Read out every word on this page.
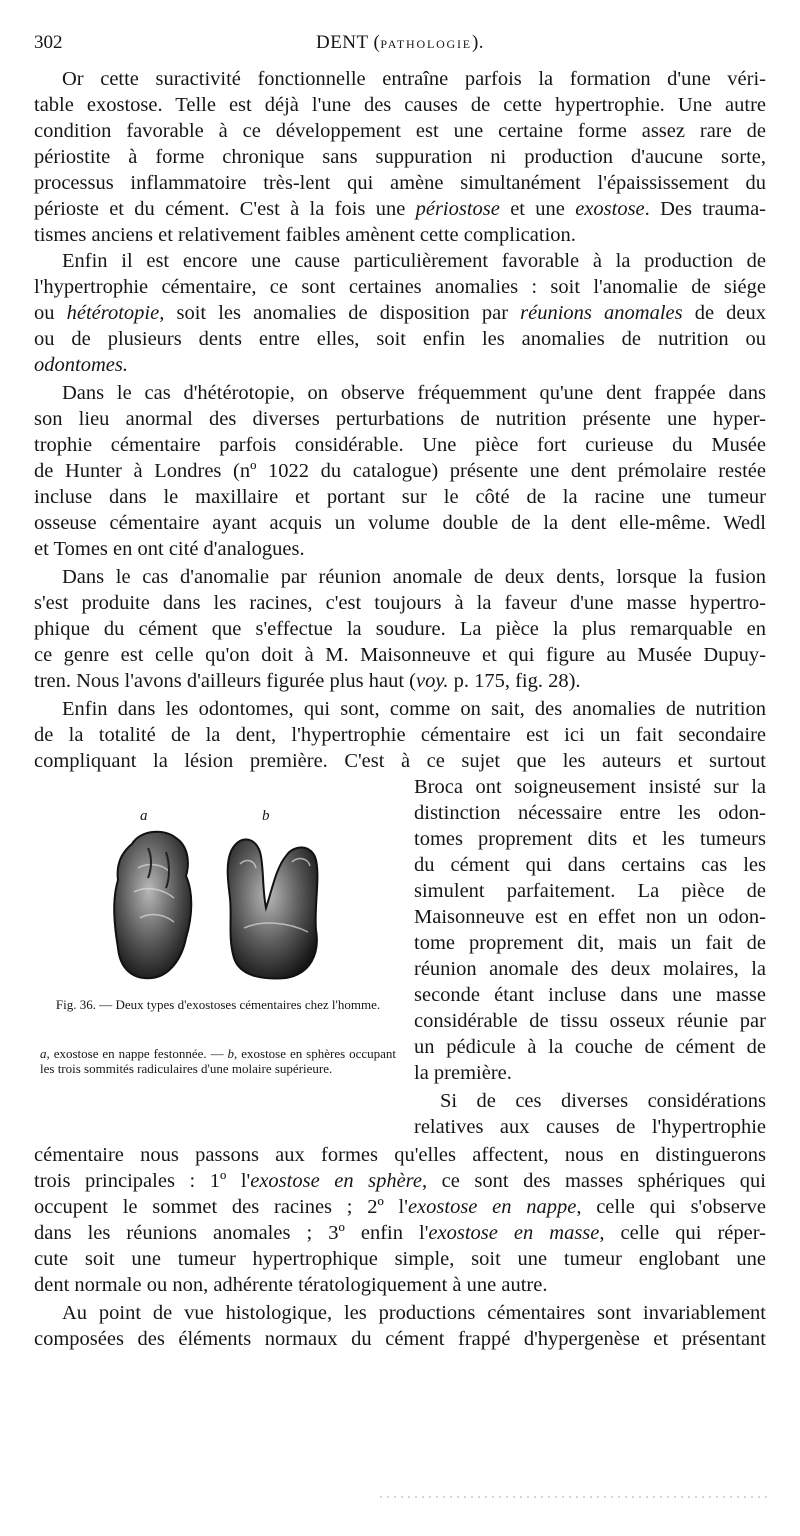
302	DENT (PATHOLOGIE).
Or cette suractivité fonctionnelle entraîne parfois la formation d'une véri-
table exostose. Telle est déjà l'une des causes de cette hypertrophie. Une autre
condition favorable à ce développement est une certaine forme assez rare de
périostite à forme chronique sans suppuration ni production d'aucune sorte,
processus inflammatoire très-lent qui amène simultanément l'épaississement du
périoste et du cément. C'est à la fois une périostose et une exostose. Des trauma-
tismes anciens et relativement faibles amènent cette complication.
Enfin il est encore une cause particulièrement favorable à la production de
l'hypertrophie cémentaire, ce sont certaines anomalies : soit l'anomalie de siége
ou hétérotopie, soit les anomalies de disposition par réunions anomales de deux
ou de plusieurs dents entre elles, soit enfin les anomalies de nutrition ou
odontomes.
Dans le cas d'hétérotopie, on observe fréquemment qu'une dent frappée dans
son lieu anormal des diverses perturbations de nutrition présente une hyper-
trophie cémentaire parfois considérable. Une pièce fort curieuse du Musée
de Hunter à Londres (nº 1022 du catalogue) présente une dent prémolaire restée
incluse dans le maxillaire et portant sur le côté de la racine une tumeur
osseuse cémentaire ayant acquis un volume double de la dent elle-même. Wedl
et Tomes en ont cité d'analogues.
Dans le cas d'anomalie par réunion anomale de deux dents, lorsque la fusion
s'est produite dans les racines, c'est toujours à la faveur d'une masse hypertro-
phique du cément que s'effectue la soudure. La pièce la plus remarquable en
ce genre est celle qu'on doit à M. Maisonneuve et qui figure au Musée Dupuy-
tren. Nous l'avons d'ailleurs figurée plus haut (voy. p. 175, fig. 28).
Enfin dans les odontomes, qui sont, comme on sait, des anomalies de nutrition
de la totalité de la dent, l'hypertrophie cémentaire est ici un fait secondaire
compliquant la lésion première. C'est à ce sujet que les auteurs et surtout
Broca ont soigneusement insisté sur la
distinction nécessaire entre les odon-
tomes proprement dits et les tumeurs
du cément qui dans certains cas les
simulent parfaitement. La pièce de
Maisonneuve est en effet non un odon-
tome proprement dit, mais un fait de
réunion anomale des deux molaires, la
seconde étant incluse dans une masse
considérable de tissu osseux réunie par
un pédicule à la couche de cément de
la première.
Si de ces diverses considérations
relatives aux causes de l'hypertrophie
a	b
Fig. 36. — Deux types d'exostoses cémentaires chez l'homme.
a, exostose en nappe festonnée. — b, exostose en sphères occupant les trois sommités radiculaires d'une molaire supérieure.
cémentaire nous passons aux formes qu'elles affectent, nous en distinguerons
trois principales : 1º l'exostose en sphère, ce sont des masses sphériques qui
occupent le sommet des racines ; 2º l'exostose en nappe, celle qui s'observe
dans les réunions anomales ; 3º enfin l'exostose en masse, celle qui réper-
cute soit une tumeur hypertrophique simple, soit une tumeur englobant une
dent normale ou non, adhérente tératologiquement à une autre.
Au point de vue histologique, les productions cémentaires sont invariablement
composées des éléments normaux du cément frappé d'hypergenèse et présentant
